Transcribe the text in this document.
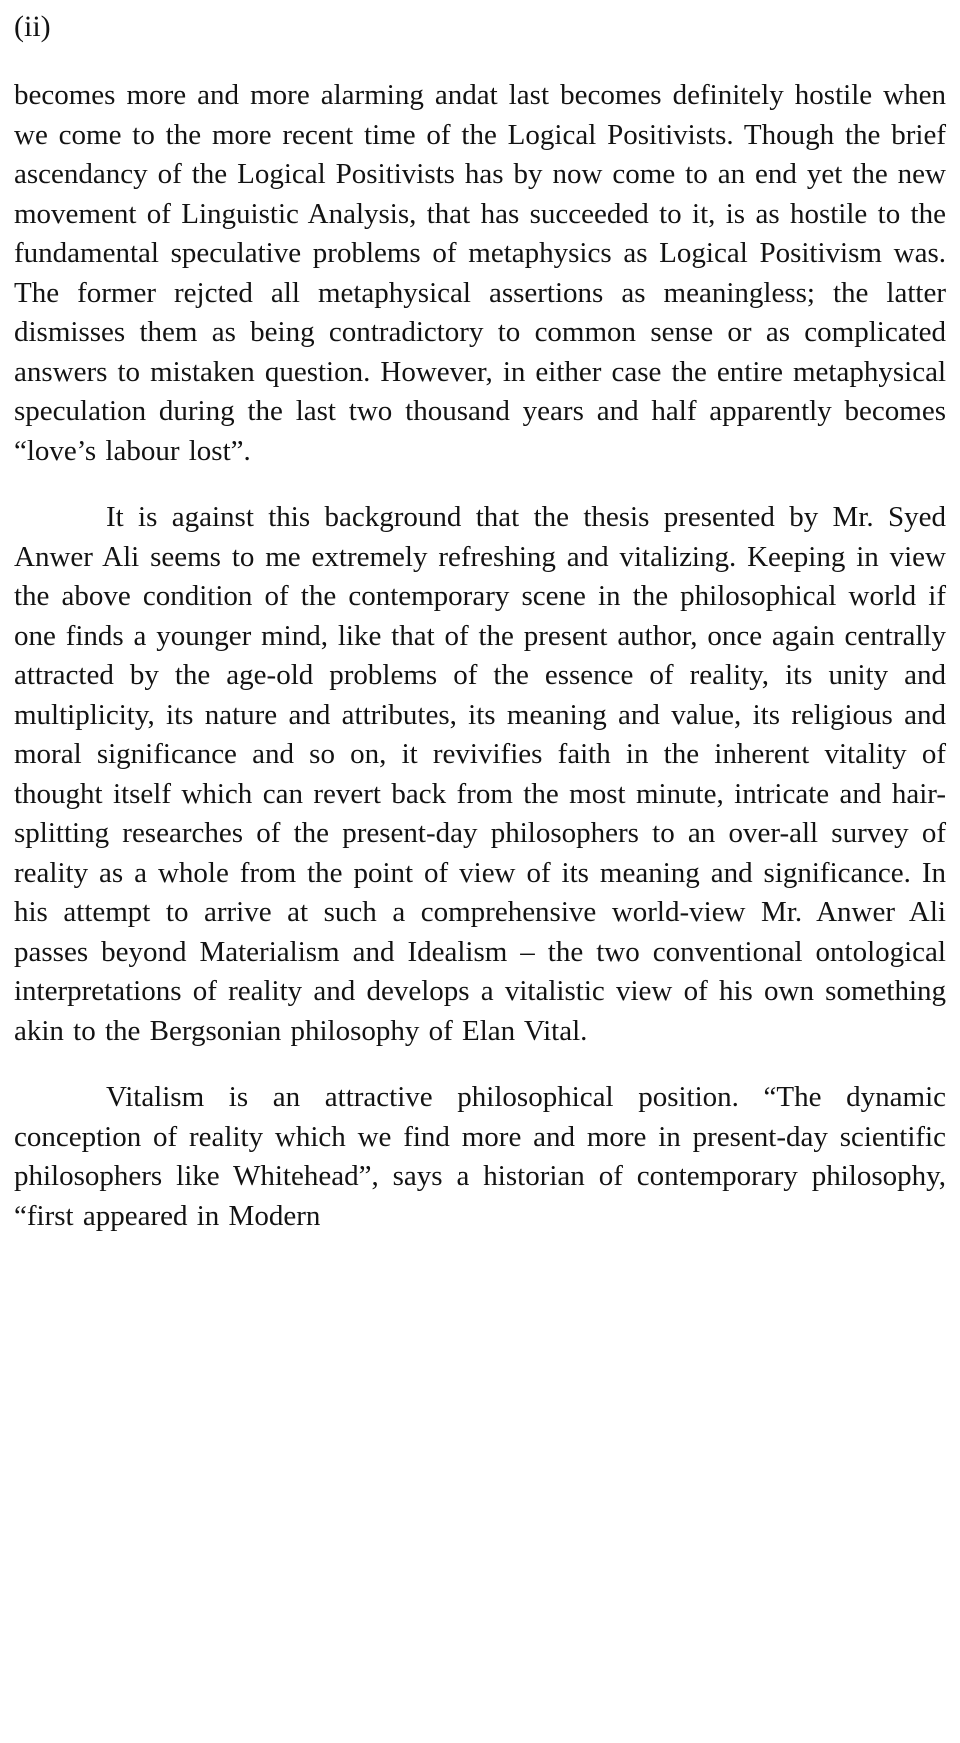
(ii)

becomes more and more alarming andat last becomes definitely hostile when we come to the more recent time of the Logical Positivists. Though the brief ascendancy of the Logical Positivists has by now come to an end yet the new movement of Linguistic Analysis, that has succeeded to it, is as hostile to the fundamental speculative problems of metaphysics as Logical Positivism was. The former rejcted all metaphysical assertions as meaningless; the latter dismisses them as being contradictory to common sense or as complicated answers to mistaken question. However, in either case the entire metaphysical speculation during the last two thousand years and half apparently becomes “love’s labour lost”.

It is against this background that the thesis presented by Mr. Syed Anwer Ali seems to me extremely refreshing and vitalizing. Keeping in view the above condition of the contemporary scene in the philosophical world if one finds a younger mind, like that of the present author, once again centrally attracted by the age-old problems of the essence of reality, its unity and multiplicity, its nature and attributes, its meaning and value, its religious and moral significance and so on, it revivifies faith in the inherent vitality of thought itself which can revert back from the most minute, intricate and hair-splitting researches of the present-day philosophers to an over-all survey of reality as a whole from the point of view of its meaning and significance. In his attempt to arrive at such a comprehensive world-view Mr. Anwer Ali passes beyond Materialism and Idealism – the two conventional ontological interpretations of reality and develops a vitalistic view of his own something akin to the Bergsonian philosophy of Elan Vital.

Vitalism is an attractive philosophical position. “The dynamic conception of reality which we find more and more in present-day scientific philosophers like Whitehead”, says a historian of contemporary philosophy, “first appeared in Modern
